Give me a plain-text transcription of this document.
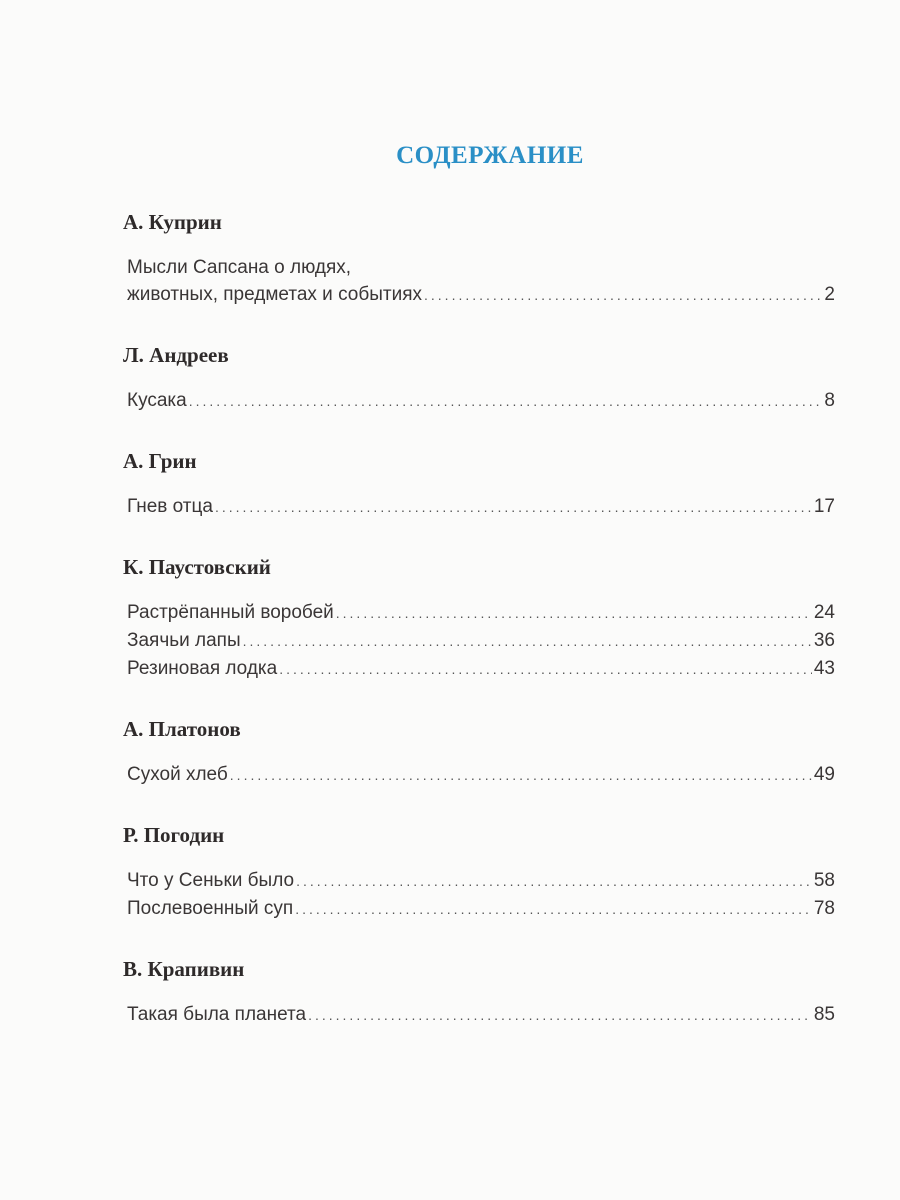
СОДЕРЖАНИЕ
А. Куприн
Мысли Сапсана о людях,
животных, предметах и событиях .....	2
Л. Андреев
Кусака .....	8
А. Грин
Гнев отца .....	17
К. Паустовский
Растрёпанный воробей .....	24
Заячьи лапы .....	36
Резиновая лодка .....	43
А. Платонов
Сухой хлеб .....	49
Р. Погодин
Что у Сеньки было .....	58
Послевоенный суп .....	78
В. Крапивин
Такая была планета .....	85
